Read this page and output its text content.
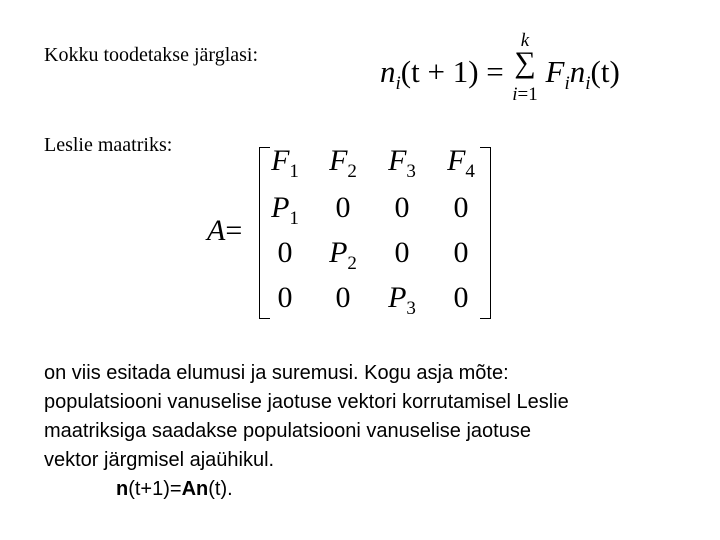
Kokku toodetakse järglasi:
Leslie maatriks:
$n_i(t + 1) = F_in_i(t)$
k
∑
i=1
A=
$F_1$	$F_2$	$F_3$	$F_4$
$P_1$	0	0	0
0	$P_2$	0	0
0	0	$P_3$	0
on viis esitada elumusi ja suremusi. Kogu asja mõte:
populatsiooni vanuselise jaotuse vektori korrutamisel Leslie
maatriksiga saadakse populatsiooni vanuselise jaotuse
vektor järgmisel ajaühikul.
n(t+1)=An(t).
